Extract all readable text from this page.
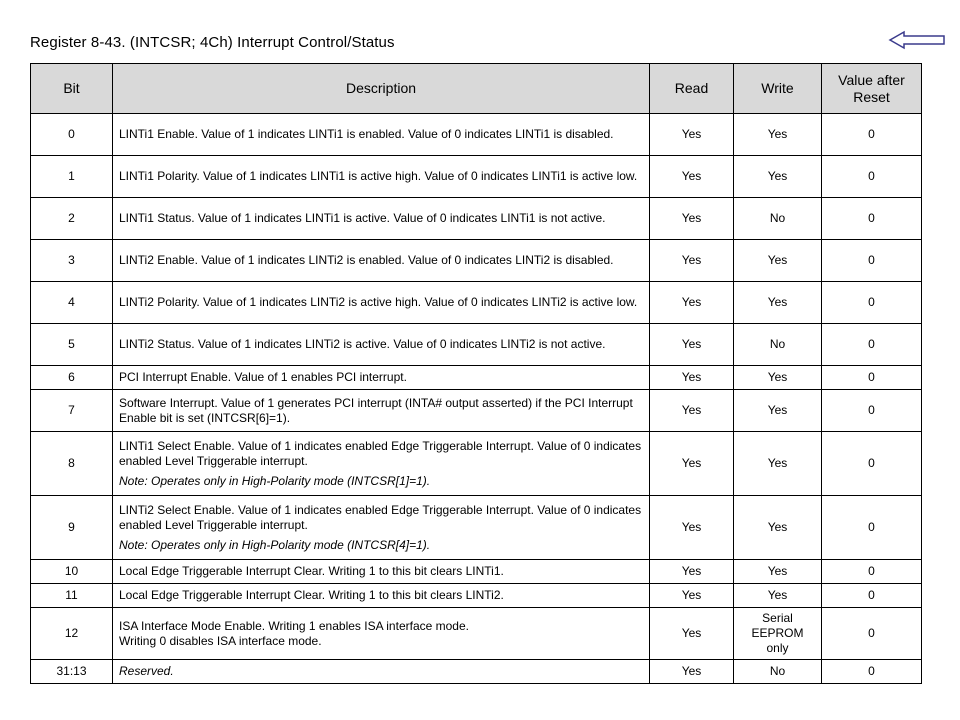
Register 8-43. (INTCSR; 4Ch) Interrupt Control/Status
Bit	Description	Read	Write	Value after
Reset
0	LINTi1 Enable. Value of 1 indicates LINTi1 is enabled. Value of 0 indicates LINTi1 is disabled.	Yes	Yes	0
1	LINTi1 Polarity. Value of 1 indicates LINTi1 is active high. Value of 0 indicates LINTi1 is active low.	Yes	Yes	0
2	LINTi1 Status. Value of 1 indicates LINTi1 is active. Value of 0 indicates LINTi1 is not active.	Yes	No	0
3	LINTi2 Enable. Value of 1 indicates LINTi2 is enabled. Value of 0 indicates LINTi2 is disabled.	Yes	Yes	0
4	LINTi2 Polarity. Value of 1 indicates LINTi2 is active high. Value of 0 indicates LINTi2 is active low.	Yes	Yes	0
5	LINTi2 Status. Value of 1 indicates LINTi2 is active. Value of 0 indicates LINTi2 is not active.	Yes	No	0
6	PCI Interrupt Enable. Value of 1 enables PCI interrupt.	Yes	Yes	0
7	Software Interrupt. Value of 1 generates PCI interrupt (INTA# output asserted) if the PCI Interrupt Enable bit is set (INTCSR[6]=1).	Yes	Yes	0
8	LINTi1 Select Enable. Value of 1 indicates enabled Edge Triggerable Interrupt. Value of 0 indicates enabled Level Triggerable interrupt.
Note: Operates only in High-Polarity mode (INTCSR[1]=1).	Yes	Yes	0
9	LINTi2 Select Enable. Value of 1 indicates enabled Edge Triggerable Interrupt. Value of 0 indicates enabled Level Triggerable interrupt.
Note: Operates only in High-Polarity mode (INTCSR[4]=1).	Yes	Yes	0
10	Local Edge Triggerable Interrupt Clear. Writing 1 to this bit clears LINTi1.	Yes	Yes	0
11	Local Edge Triggerable Interrupt Clear. Writing 1 to this bit clears LINTi2.	Yes	Yes	0
12	ISA Interface Mode Enable. Writing 1 enables ISA interface mode.
Writing 0 disables ISA interface mode.	Yes	Serial
EEPROM
only	0
31:13	Reserved.	Yes	No	0
